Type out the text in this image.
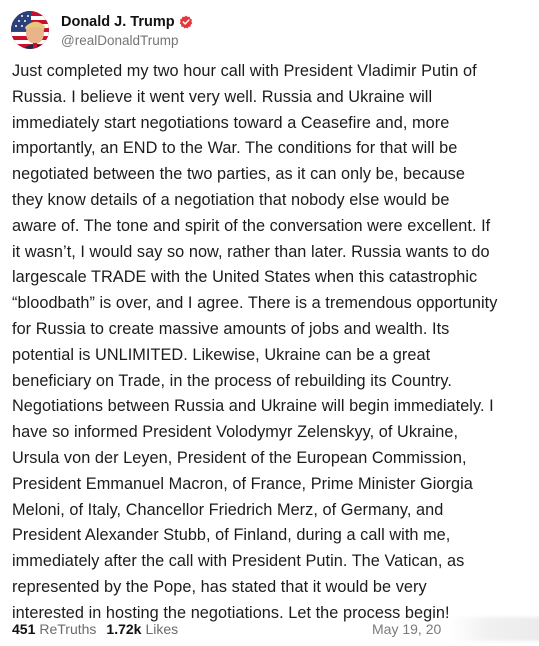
Donald J. Trump
@realDonaldTrump
Just completed my two hour call with President Vladimir Putin of
Russia. I believe it went very well. Russia and Ukraine will
immediately start negotiations toward a Ceasefire and, more
importantly, an END to the War. The conditions for that will be
negotiated between the two parties, as it can only be, because
they know details of a negotiation that nobody else would be
aware of. The tone and spirit of the conversation were excellent. If
it wasn’t, I would say so now, rather than later. Russia wants to do
largescale TRADE with the United States when this catastrophic
“bloodbath” is over, and I agree. There is a tremendous opportunity
for Russia to create massive amounts of jobs and wealth. Its
potential is UNLIMITED. Likewise, Ukraine can be a great
beneficiary on Trade, in the process of rebuilding its Country.
Negotiations between Russia and Ukraine will begin immediately. I
have so informed President Volodymyr Zelenskyy, of Ukraine,
Ursula von der Leyen, President of the European Commission,
President Emmanuel Macron, of France, Prime Minister Giorgia
Meloni, of Italy, Chancellor Friedrich Merz, of Germany, and
President Alexander Stubb, of Finland, during a call with me,
immediately after the call with President Putin. The Vatican, as
represented by the Pope, has stated that it would be very
interested in hosting the negotiations. Let the process begin!
451 ReTruths 1.72k Likes	May 19, 20
